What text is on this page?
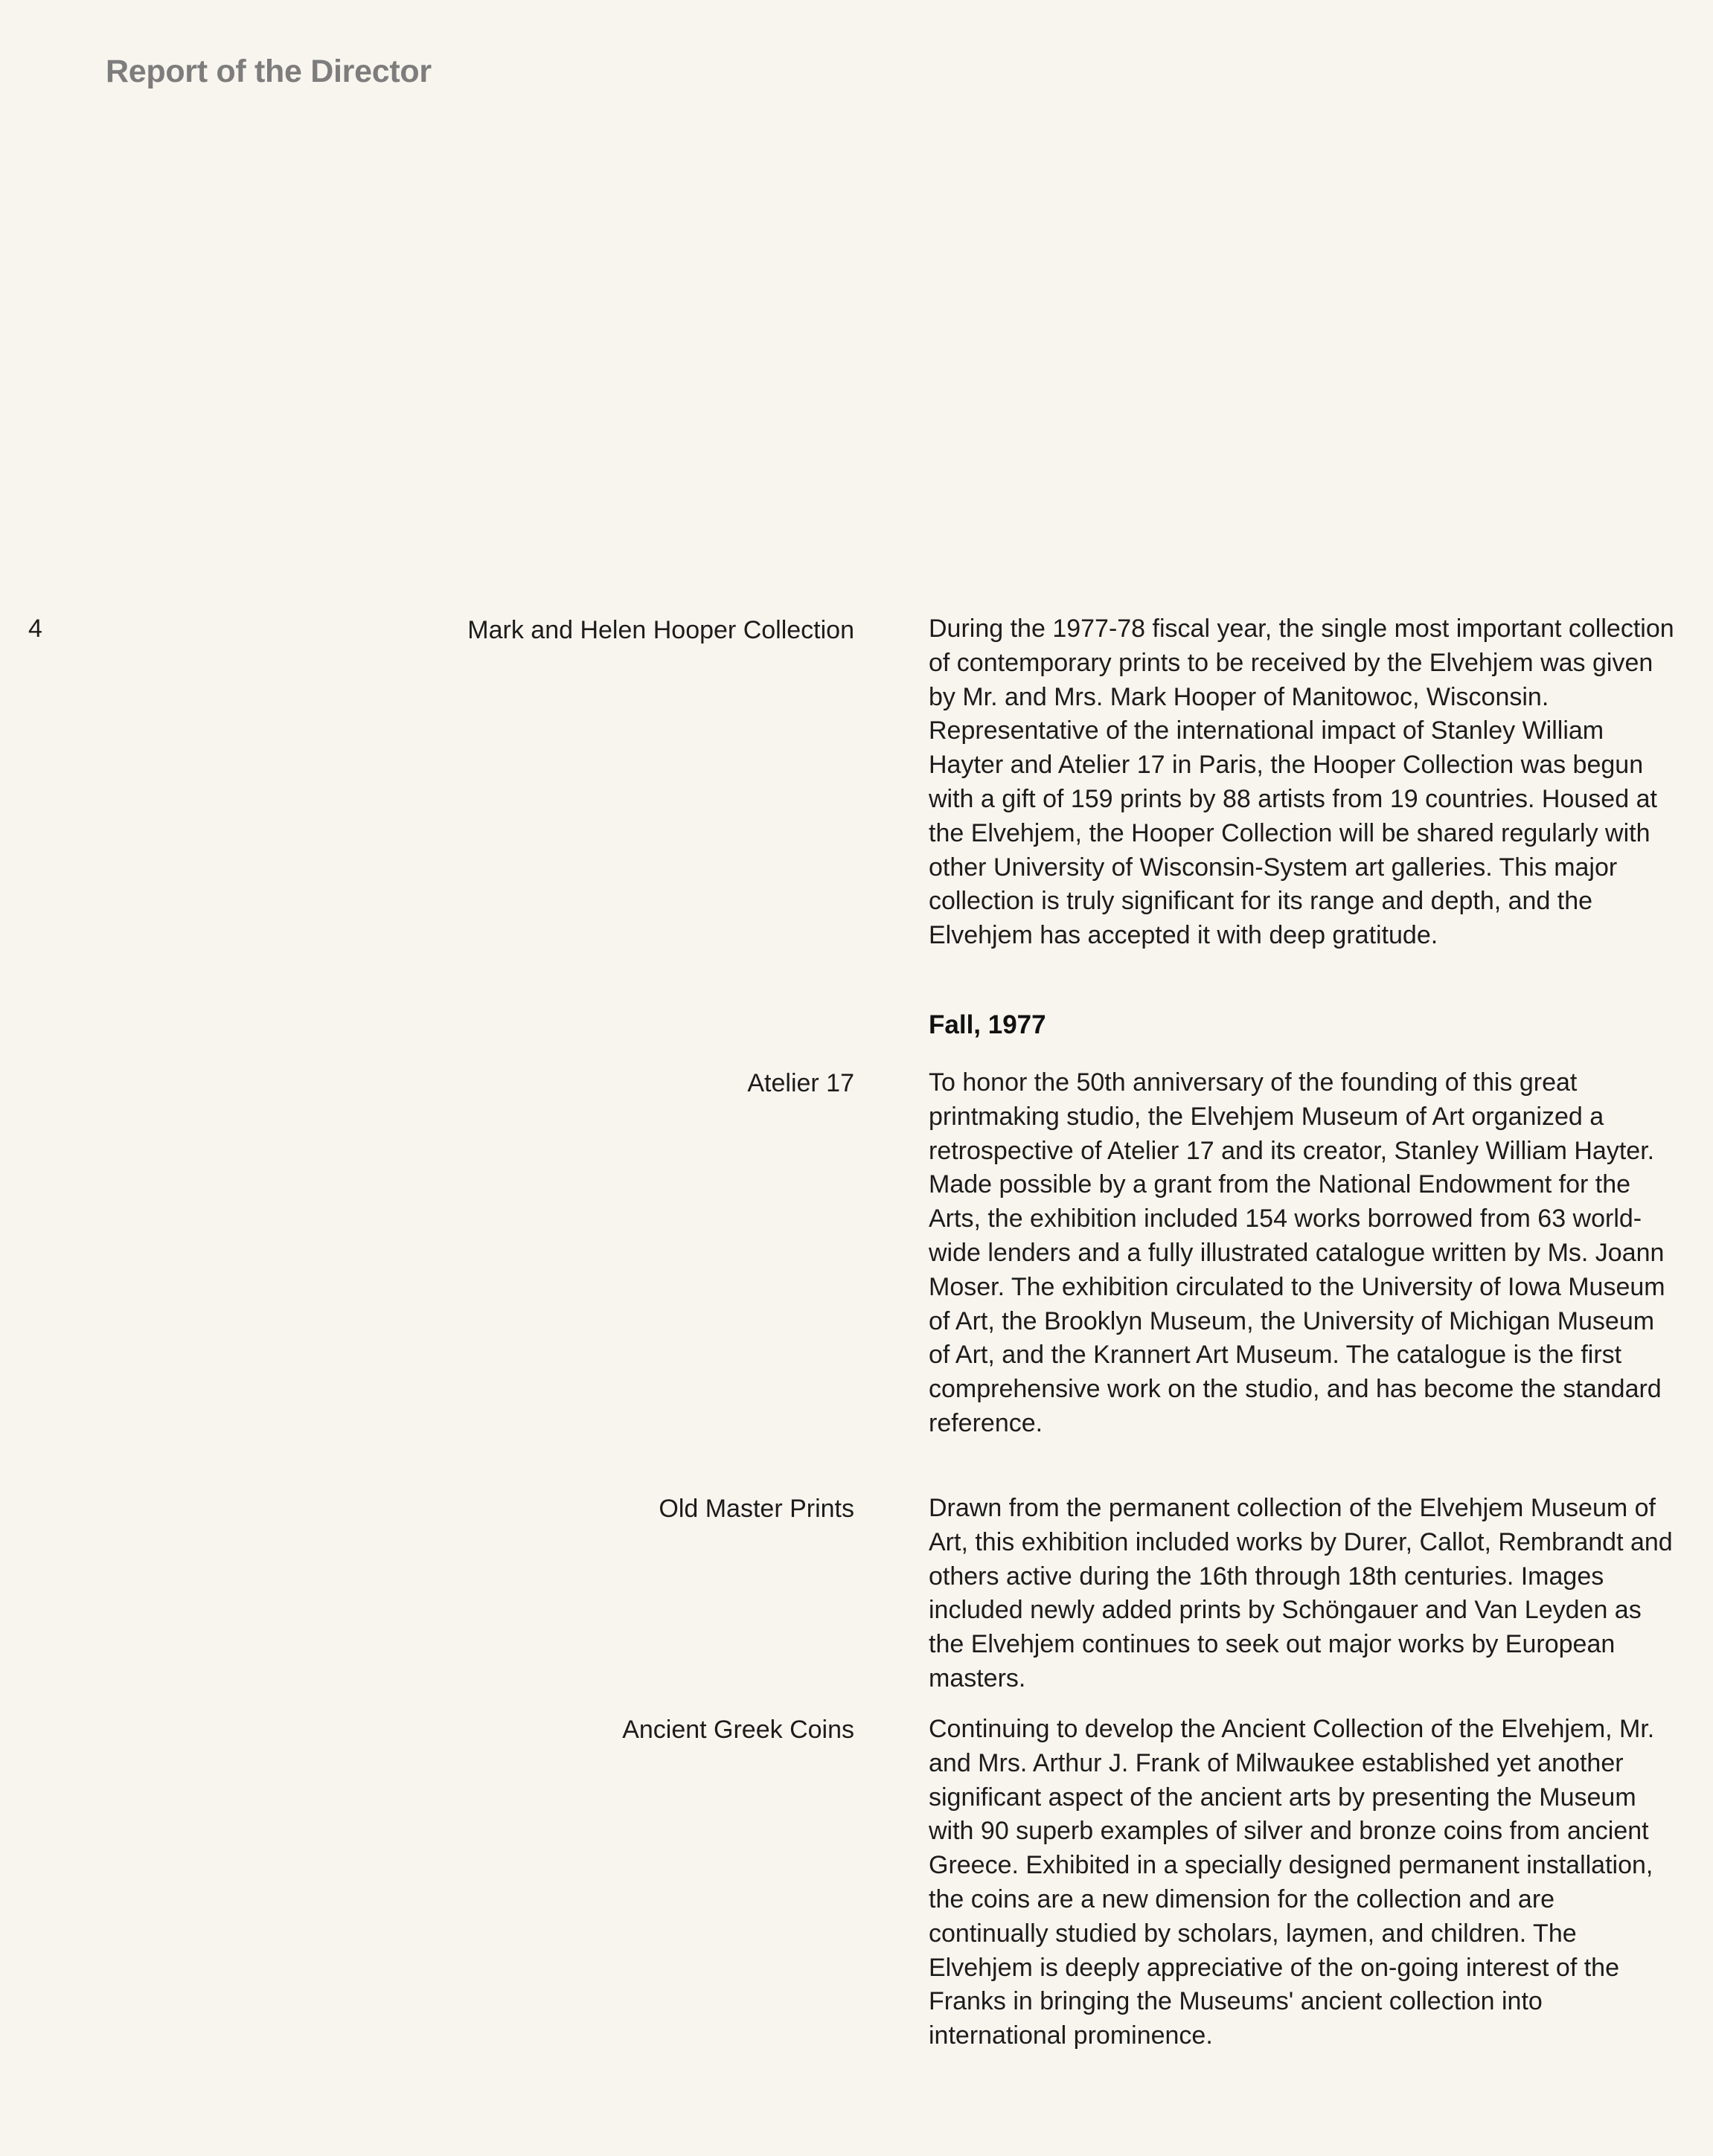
Report of the Director
4	Mark and Helen Hooper Collection	During the 1977-78 fiscal year, the single most important collection of contemporary prints to be received by the Elvehjem was given by Mr. and Mrs. Mark Hooper of Manitowoc, Wisconsin. Representative of the international impact of Stanley William Hayter and Atelier 17 in Paris, the Hooper Collection was begun with a gift of 159 prints by 88 artists from 19 countries. Housed at the Elvehjem, the Hooper Collection will be shared regularly with other University of Wisconsin-System art galleries. This major collection is truly significant for its range and depth, and the Elvehjem has accepted it with deep gratitude.

Fall, 1977
Atelier 17	To honor the 50th anniversary of the founding of this great printmaking studio, the Elvehjem Museum of Art organized a retrospective of Atelier 17 and its creator, Stanley William Hayter. Made possible by a grant from the National Endowment for the Arts, the exhibition included 154 works borrowed from 63 world-wide lenders and a fully illustrated catalogue written by Ms. Joann Moser. The exhibition circulated to the University of Iowa Museum of Art, the Brooklyn Museum, the University of Michigan Museum of Art, and the Krannert Art Museum. The catalogue is the first comprehensive work on the studio, and has become the standard reference.

Old Master Prints	Drawn from the permanent collection of the Elvehjem Museum of Art, this exhibition included works by Durer, Callot, Rembrandt and others active during the 16th through 18th centuries. Images included newly added prints by Schöngauer and Van Leyden as the Elvehjem continues to seek out major works by European masters.

Ancient Greek Coins	Continuing to develop the Ancient Collection of the Elvehjem, Mr. and Mrs. Arthur J. Frank of Milwaukee established yet another significant aspect of the ancient arts by presenting the Museum with 90 superb examples of silver and bronze coins from ancient Greece. Exhibited in a specially designed permanent installation, the coins are a new dimension for the collection and are continually studied by scholars, laymen, and children. The Elvehjem is deeply appreciative of the on-going interest of the Franks in bringing the Museums' ancient collection into international prominence.
